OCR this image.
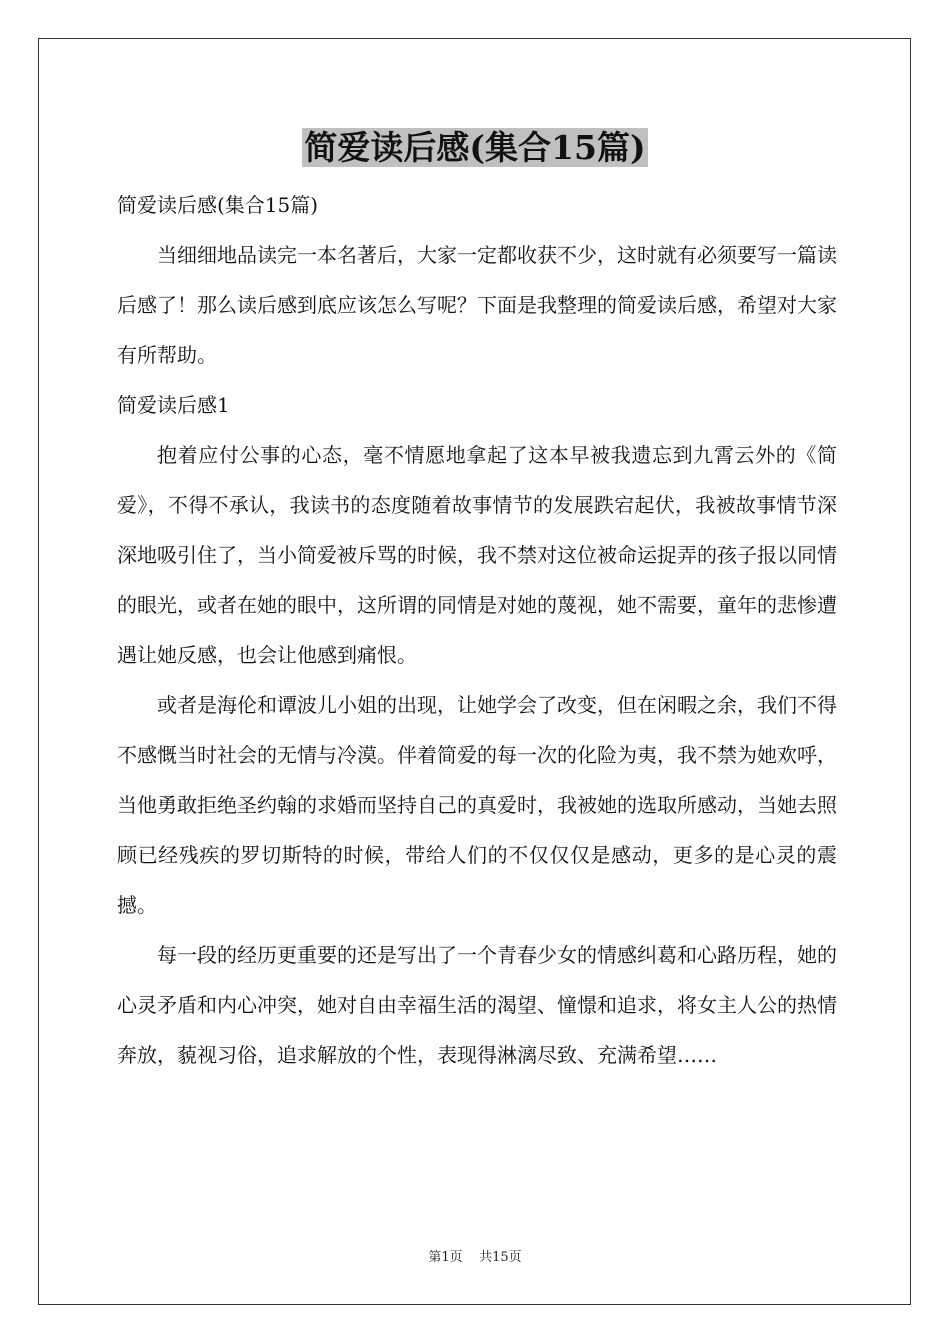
简爱读后感(集合15篇)

简爱读后感(集合15篇)

当细细地品读完一本名著后，大家一定都收获不少，这时就有必须要写一篇读后感了！那么读后感到底应该怎么写呢？下面是我整理的简爱读后感，希望对大家有所帮助。

简爱读后感1

抱着应付公事的心态，毫不情愿地拿起了这本早被我遗忘到九霄云外的《简爱》，不得不承认，我读书的态度随着故事情节的发展跌宕起伏，我被故事情节深深地吸引住了，当小简爱被斥骂的时候，我不禁对这位被命运捉弄的孩子报以同情的眼光，或者在她的眼中，这所谓的同情是对她的蔑视，她不需要，童年的悲惨遭遇让她反感，也会让他感到痛恨。

或者是海伦和谭波儿小姐的出现，让她学会了改变，但在闲暇之余，我们不得不感慨当时社会的无情与冷漠。伴着简爱的每一次的化险为夷，我不禁为她欢呼，当他勇敢拒绝圣约翰的求婚而坚持自己的真爱时，我被她的选取所感动，当她去照顾已经残疾的罗切斯特的时候，带给人们的不仅仅仅是感动，更多的是心灵的震撼。

每一段的经历更重要的还是写出了一个青春少女的情感纠葛和心路历程，她的心灵矛盾和内心冲突，她对自由幸福生活的渴望、憧憬和追求，将女主人公的热情奔放，藐视习俗，追求解放的个性，表现得淋漓尽致、充满希望……

第1页 共15页
